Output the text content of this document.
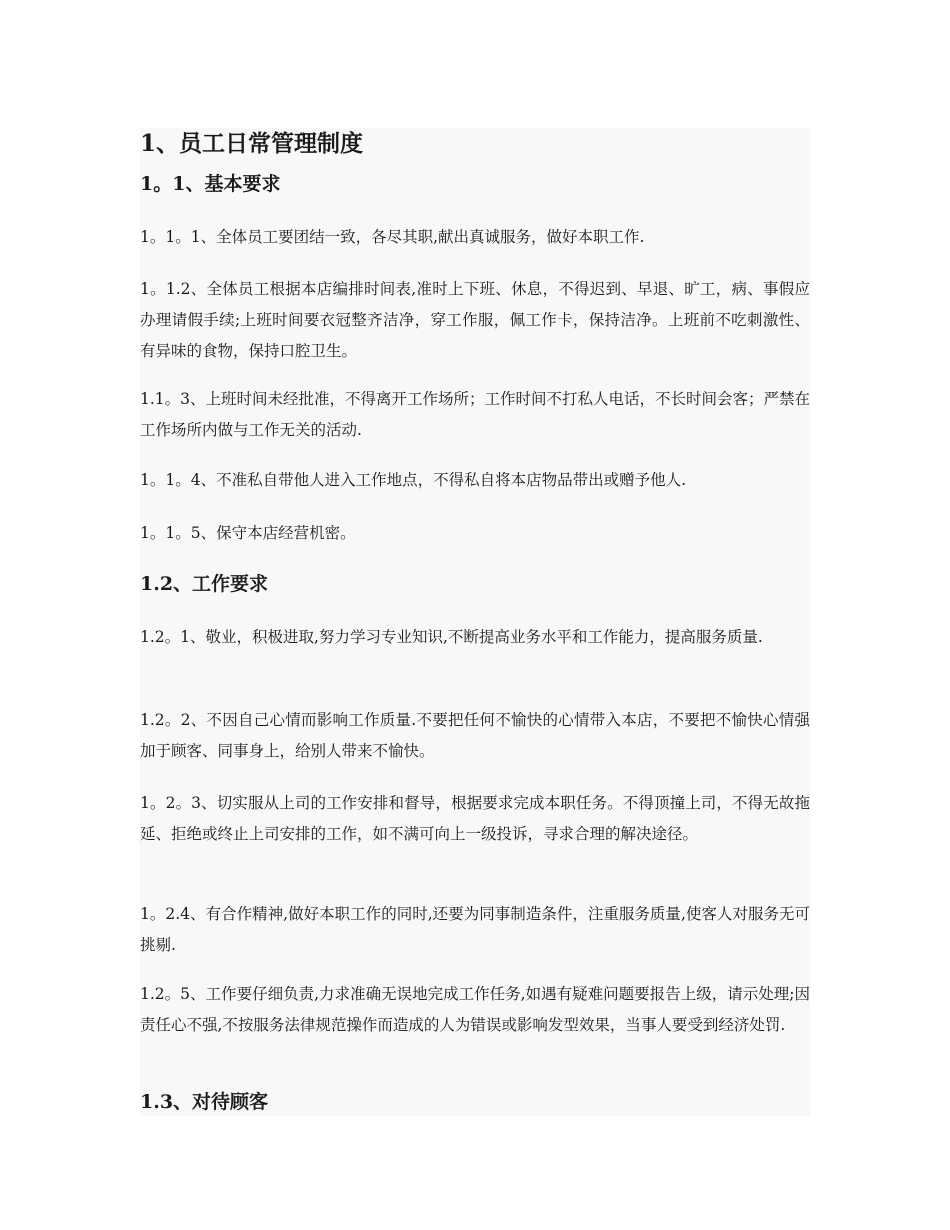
1、员工日常管理制度
1。1、基本要求

1。1。1、全体员工要团结一致，各尽其职,献出真诚服务，做好本职工作.

1。1.2、全体员工根据本店编排时间表,准时上下班、休息，不得迟到、早退、旷工，病、事假应办理请假手续;上班时间要衣冠整齐洁净，穿工作服，佩工作卡，保持洁净。上班前不吃刺激性、有异味的食物，保持口腔卫生。

1.1。3、上班时间未经批准，不得离开工作场所；工作时间不打私人电话，不长时间会客；严禁在工作场所内做与工作无关的活动.

1。1。4、不准私自带他人进入工作地点，不得私自将本店物品带出或赠予他人.

1。1。5、保守本店经营机密。

1.2、工作要求

1.2。1、敬业，积极进取,努力学习专业知识,不断提高业务水平和工作能力，提高服务质量.

1.2。2、不因自己心情而影响工作质量.不要把任何不愉快的心情带入本店，不要把不愉快心情强加于顾客、同事身上，给别人带来不愉快。

1。2。3、切实服从上司的工作安排和督导，根据要求完成本职任务。不得顶撞上司，不得无故拖延、拒绝或终止上司安排的工作，如不满可向上一级投诉，寻求合理的解决途径。

1。2.4、有合作精神,做好本职工作的同时,还要为同事制造条件，注重服务质量,使客人对服务无可挑剔.

1.2。5、工作要仔细负责,力求准确无误地完成工作任务,如遇有疑难问题要报告上级，请示处理;因责任心不强,不按服务法律规范操作而造成的人为错误或影响发型效果，当事人要受到经济处罚.

1.3、对待顾客
